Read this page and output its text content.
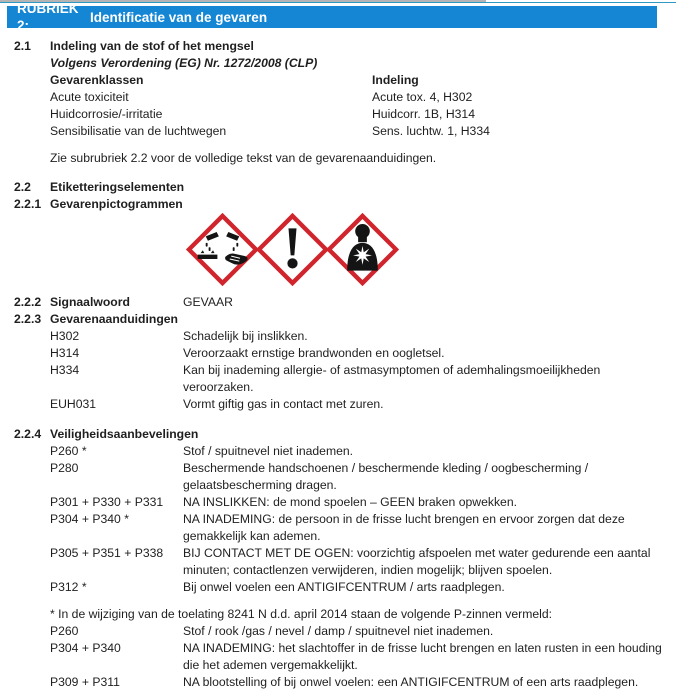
RUBRIEK 2:
Identificatie van de gevaren
2.1	Indeling van de stof of het mengsel
Volgens Verordening (EG) Nr. 1272/2008 (CLP)
Gevarenklassen	Indeling
Acute toxiciteit	Acute tox. 4, H302
Huidcorrosie/-irritatie	Huidcorr. 1B, H314
Sensibilisatie van de luchtwegen	Sens. luchtw. 1, H334
Zie subrubriek 2.2 voor de volledige tekst van de gevarenaanduidingen.
2.2	Etiketteringselementen
2.2.1 Gevarenpictogrammen
2.2.2 Signaalwoord	GEVAAR
2.2.3 Gevarenaanduidingen
H302	Schadelijk bij inslikken.
H314	Veroorzaakt ernstige brandwonden en oogletsel.
H334	Kan bij inademing allergie- of astmasymptomen of ademhalingsmoeilijkheden veroorzaken.
EUH031	Vormt giftig gas in contact met zuren.
2.2.4 Veiligheidsaanbevelingen
P260 *	Stof / spuitnevel niet inademen.
P280	Beschermende handschoenen / beschermende kleding / oogbescherming / gelaatsbescherming dragen.
P301 + P330 + P331	NA INSLIKKEN: de mond spoelen – GEEN braken opwekken.
P304 + P340 *	NA INADEMING: de persoon in de frisse lucht brengen en ervoor zorgen dat deze gemakkelijk kan ademen.
P305 + P351 + P338	BIJ CONTACT MET DE OGEN: voorzichtig afspoelen met water gedurende een aantal minuten; contactlenzen verwijderen, indien mogelijk; blijven spoelen.
P312 *	Bij onwel voelen een ANTIGIFCENTRUM / arts raadplegen.
* In de wijziging van de toelating 8241 N d.d. april 2014 staan de volgende P-zinnen vermeld:
P260	Stof / rook /gas / nevel / damp / spuitnevel niet inademen.
P304 + P340	NA INADEMING: het slachtoffer in de frisse lucht brengen en laten rusten in een houding die het ademen vergemakkelijkt.
P309 + P311	NA blootstelling of bij onwel voelen: een ANTIGIFCENTRUM of een arts raadplegen.
